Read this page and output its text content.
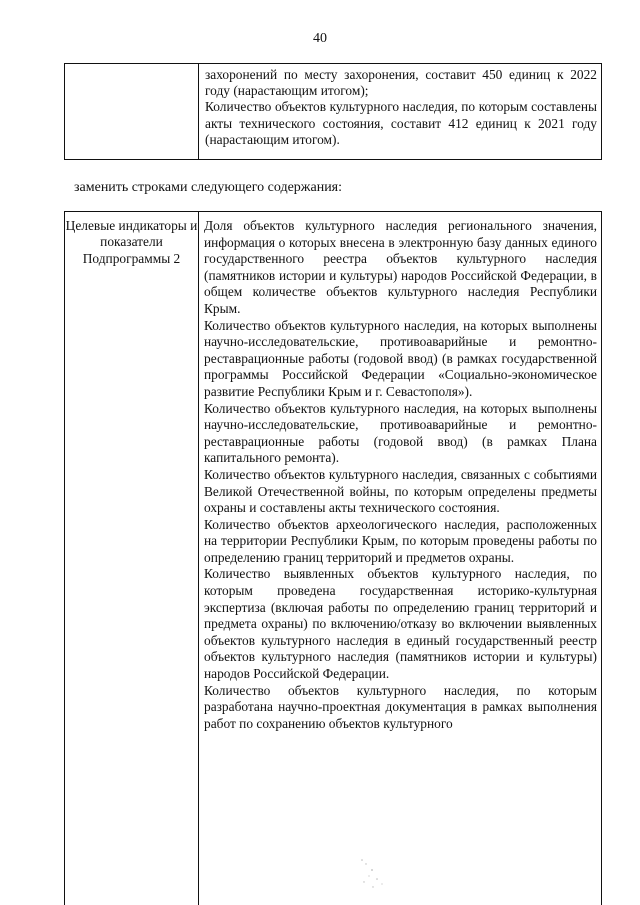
40

захоронений по месту захоронения, составит 450 единиц к 2022 году (нарастающим итогом);

Количество объектов культурного наследия, по которым составлены акты технического состояния, составит 412 единиц к 2021 году (нарастающим итогом).

заменить строками следующего содержания:
Целевые индикаторы и показатели Подпрограммы 2

Доля объектов культурного наследия регионального значения, информация о которых внесена в электронную базу данных единого государственного реестра объектов культурного наследия (памятников истории и культуры) народов Российской Федерации, в общем количестве объектов культурного наследия Республики Крым.

Количество объектов культурного наследия, на которых выполнены научно-исследовательские, противоаварийные и ремонтно-реставрационные работы (годовой ввод) (в рамках государственной программы Российской Федерации «Социально-экономическое развитие Республики Крым и г. Севастополя»).

Количество объектов культурного наследия, на которых выполнены научно-исследовательские, противоаварийные и ремонтно-реставрационные работы (годовой ввод) (в рамках Плана капитального ремонта).

Количество объектов культурного наследия, связанных с событиями Великой Отечественной войны, по которым определены предметы охраны и составлены акты технического состояния.

Количество объектов археологического наследия, расположенных на территории Республики Крым, по которым проведены работы по определению границ территорий и предметов охраны.

Количество выявленных объектов культурного наследия, по которым проведена государственная историко-культурная экспертиза (включая работы по определению границ территорий и предмета охраны) по включению/отказу во включении выявленных объектов культурного наследия в единый государственный реестр объектов культурного наследия (памятников истории и культуры) народов Российской Федерации.

Количество объектов культурного наследия, по которым разработана научно-проектная документация в рамках выполнения работ по сохранению объектов культурного
